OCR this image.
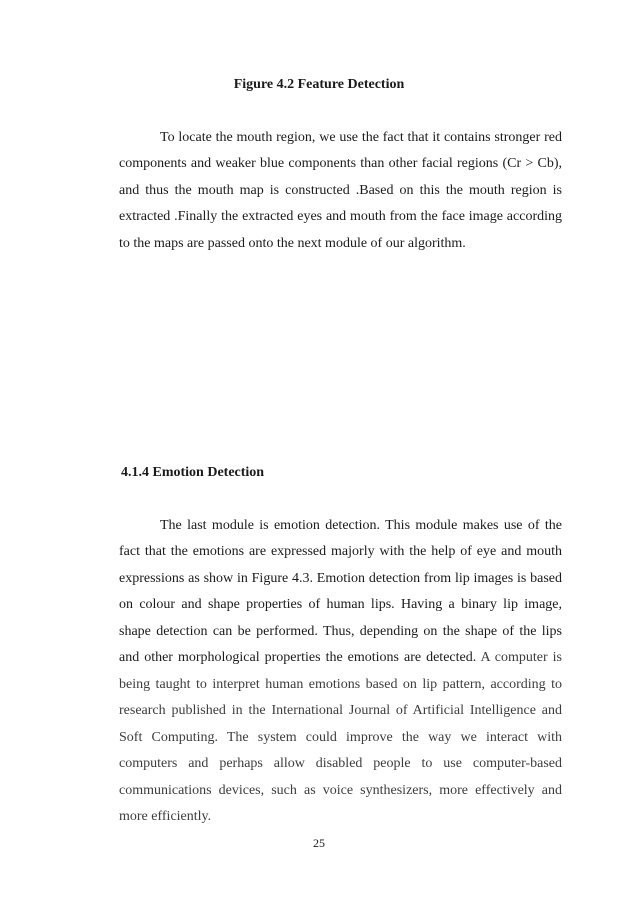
Figure 4.2 Feature Detection

To locate the mouth region, we use the fact that it contains stronger red components and weaker blue components than other facial regions (Cr > Cb), and thus the mouth map is constructed .Based on this the mouth region is extracted .Finally the extracted eyes and mouth from the face image according to the maps are passed onto the next module of our algorithm.

4.1.4 Emotion Detection

The last module is emotion detection. This module makes use of the fact that the emotions are expressed majorly with the help of eye and mouth expressions as show in Figure 4.3. Emotion detection from lip images is based on colour and shape properties of human lips. Having a binary lip image, shape detection can be performed. Thus, depending on the shape of the lips and other morphological properties the emotions are detected. A computer is being taught to interpret human emotions based on lip pattern, according to research published in the International Journal of Artificial Intelligence and Soft Computing. The system could improve the way we interact with computers and perhaps allow disabled people to use computer-based communications devices, such as voice synthesizers, more effectively and more efficiently.

25
